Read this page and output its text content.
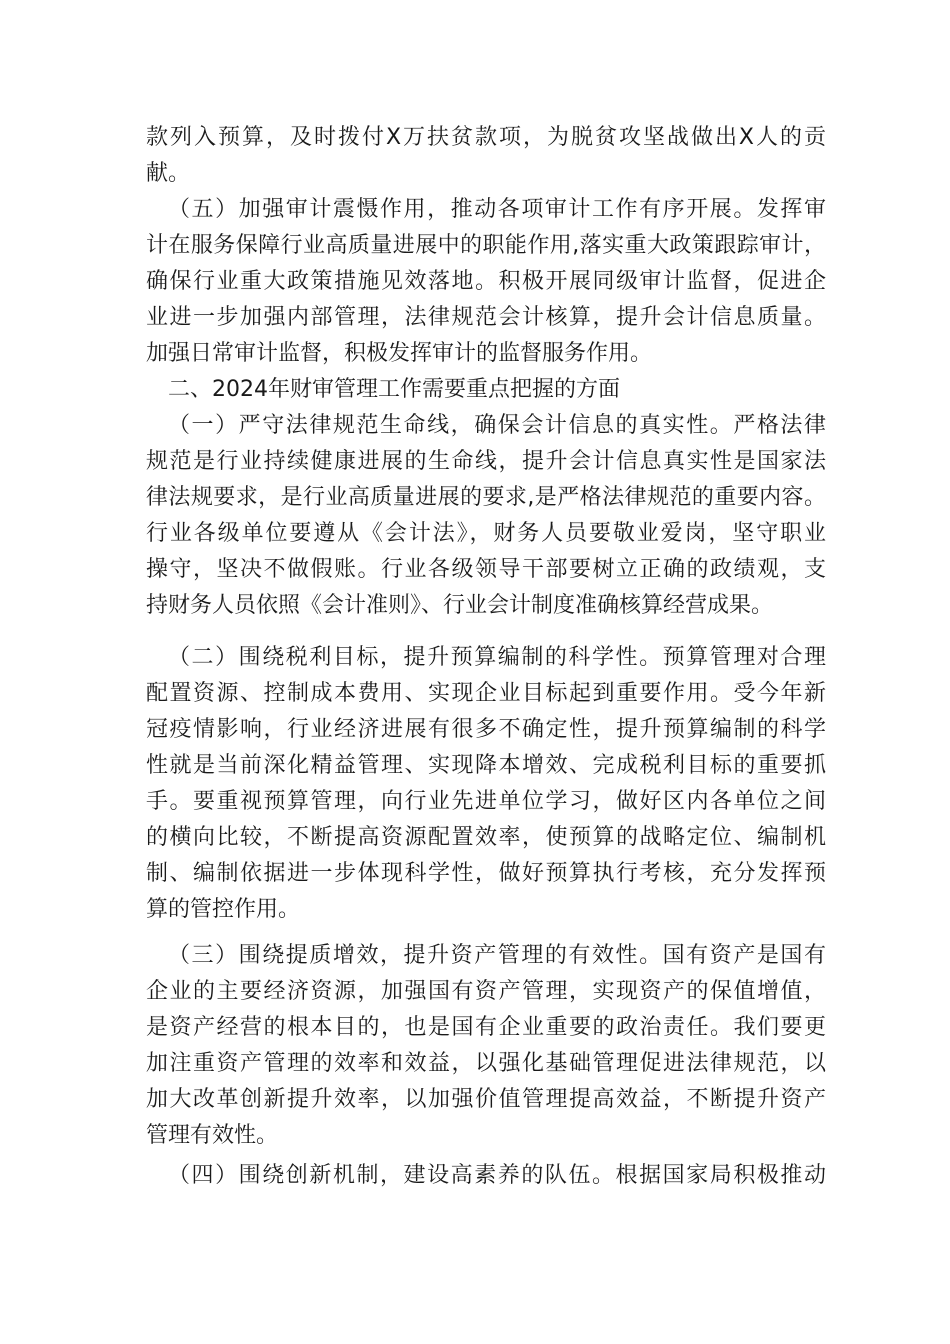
款列入预算，及时拨付X万扶贫款项，为脱贫攻坚战做出X人的贡
献。
（五）加强审计震慑作用，推动各项审计工作有序开展。发挥审
计在服务保障行业高质量进展中的职能作用,落实重大政策跟踪审计，
确保行业重大政策措施见效落地。积极开展同级审计监督，促进企
业进一步加强内部管理，法律规范会计核算，提升会计信息质量。
加强日常审计监督，积极发挥审计的监督服务作用。
二、2024年财审管理工作需要重点把握的方面
（一）严守法律规范生命线，确保会计信息的真实性。严格法律
规范是行业持续健康进展的生命线，提升会计信息真实性是国家法
律法规要求，是行业高质量进展的要求,是严格法律规范的重要内容。
行业各级单位要遵从《会计法》，财务人员要敬业爱岗，坚守职业
操守，坚决不做假账。行业各级领导干部要树立正确的政绩观，支
持财务人员依照《会计准则》、行业会计制度准确核算经营成果。
（二）围绕税利目标，提升预算编制的科学性。预算管理对合理
配置资源、控制成本费用、实现企业目标起到重要作用。受今年新
冠疫情影响，行业经济进展有很多不确定性，提升预算编制的科学
性就是当前深化精益管理、实现降本增效、完成税利目标的重要抓
手。要重视预算管理，向行业先进单位学习，做好区内各单位之间
的横向比较，不断提高资源配置效率，使预算的战略定位、编制机
制、编制依据进一步体现科学性，做好预算执行考核，充分发挥预
算的管控作用。
（三）围绕提质增效，提升资产管理的有效性。国有资产是国有
企业的主要经济资源，加强国有资产管理，实现资产的保值增值，
是资产经营的根本目的，也是国有企业重要的政治责任。我们要更
加注重资产管理的效率和效益，以强化基础管理促进法律规范，以
加大改革创新提升效率，以加强价值管理提高效益，不断提升资产
管理有效性。
（四）围绕创新机制，建设高素养的队伍。根据国家局积极推动
